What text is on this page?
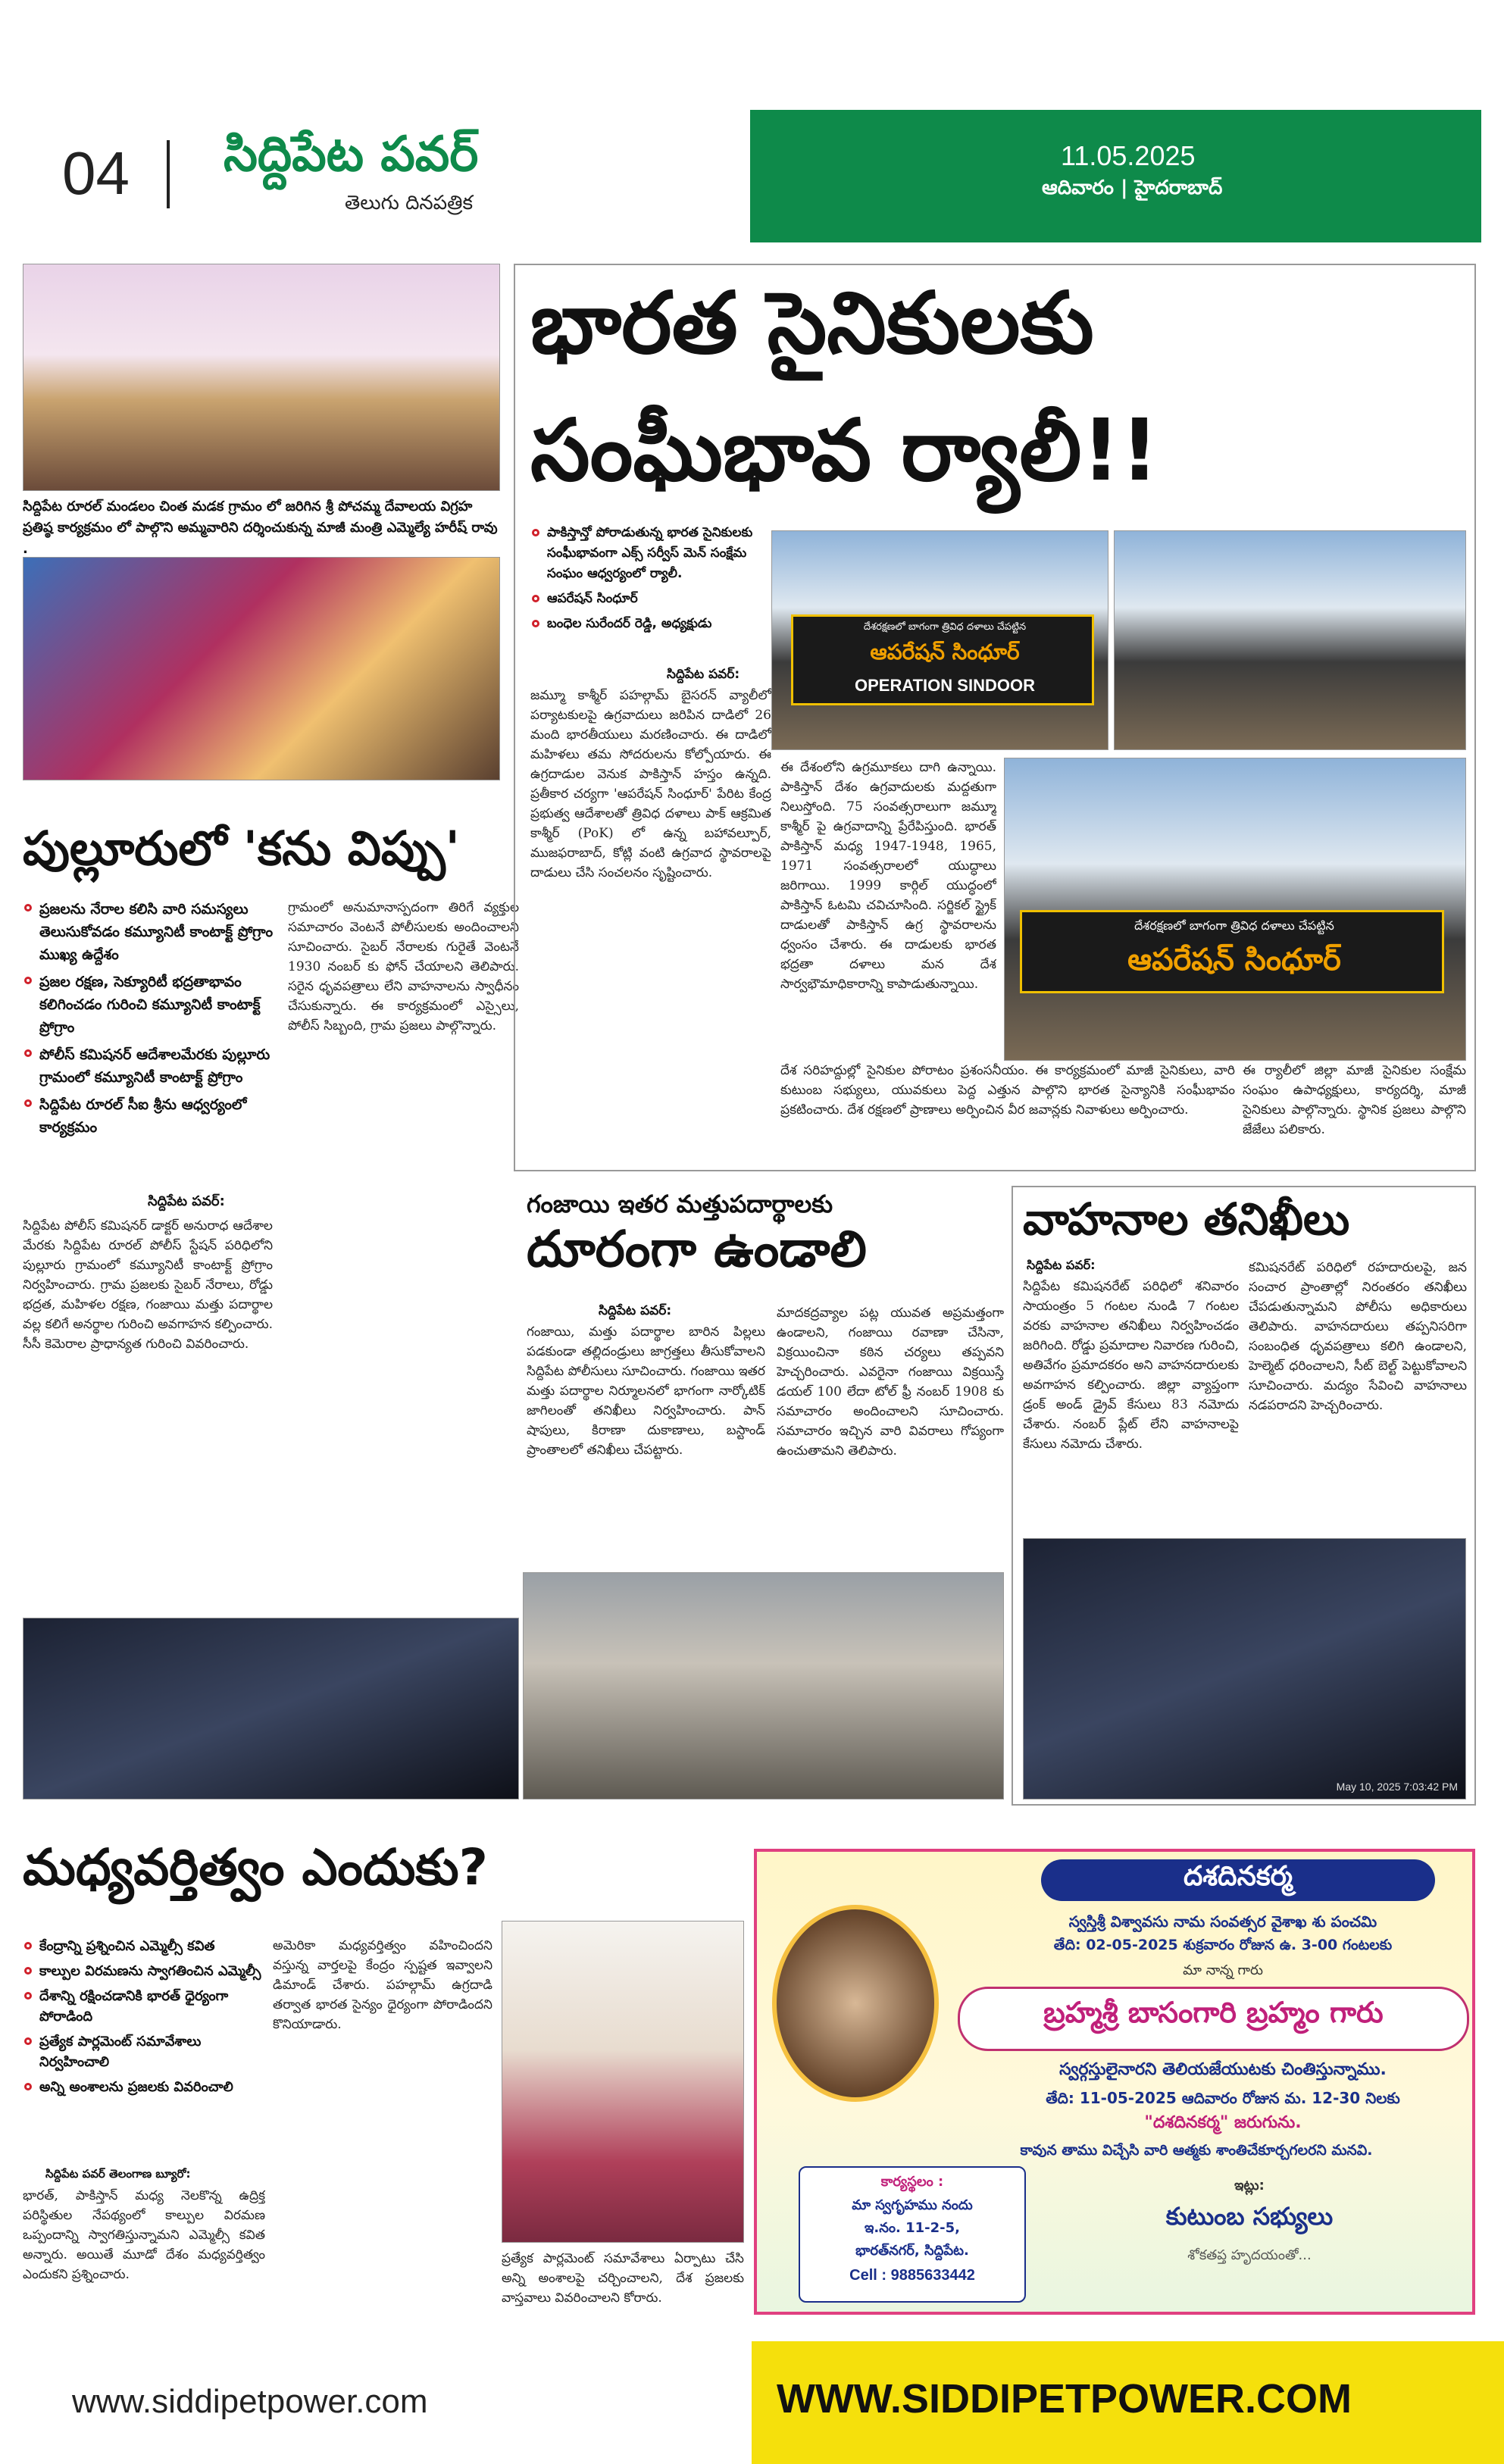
04 సిద్దిపేట పవర్
తెలుగు దినపత్రిక
11.05.2025
ఆదివారం | హైదరాబాద్
సిద్దిపేట రూరల్ మండలం చింత మడక గ్రామం లో జరిగిన శ్రీ పోచమ్మ దేవాలయ విగ్రహ ప్రతిష్ఠ కార్యక్రమం లో పాల్గొని అమ్మవారిని దర్శించుకున్న మాజీ మంత్రి ఎమ్మెల్యే హరీష్ రావు .
పుల్లూరులో 'కను విప్పు'
ప్రజలను నేరాల కలిసి వారి సమస్యలు తెలుసుకోవడం కమ్యూనిటీ కాంటాక్ట్ ప్రోగ్రాం ముఖ్య ఉద్దేశం
ప్రజల రక్షణ, సెక్యూరిటీ భద్రతాభావం కలిగించడం గురించి కమ్యూనిటీ కాంటాక్ట్ ప్రోగ్రాం
పోలీస్ కమిషనర్ ఆదేశాలమేరకు పుల్లూరు గ్రామంలో కమ్యూనిటీ కాంటాక్ట్ ప్రోగ్రాం
సిద్దిపేట రూరల్ సీఐ శ్రీను ఆధ్వర్యంలో కార్యక్రమం
సిద్దిపేట పవర్:
సిద్దిపేట పోలీస్ కమిషనర్ డాక్టర్ అనురాధ ఆదేశాల మేరకు సిద్దిపేట రూరల్ పోలీస్ స్టేషన్ పరిధిలోని పుల్లూరు గ్రామంలో కమ్యూనిటీ కాంటాక్ట్ ప్రోగ్రాం నిర్వహించారు. గ్రామ ప్రజలకు సైబర్ నేరాలు, రోడ్డు భద్రత, మహిళల రక్షణ, గంజాయి మత్తు పదార్థాల వల్ల కలిగే అనర్థాల గురించి అవగాహన కల్పించారు. సీసీ కెమెరాల ప్రాధాన్యత గురించి వివరించారు.
గ్రామంలో అనుమానాస్పదంగా తిరిగే వ్యక్తుల సమాచారం వెంటనే పోలీసులకు అందించాలని సూచించారు. సైబర్ నేరాలకు గురైతే వెంటనే 1930 నంబర్ కు ఫోన్ చేయాలని తెలిపారు. సరైన ధృవపత్రాలు లేని వాహనాలను స్వాధీనం చేసుకున్నారు. ఈ కార్యక్రమంలో ఎస్సైలు, పోలీస్ సిబ్బంది, గ్రామ ప్రజలు పాల్గొన్నారు.
భారత సైనికులకు
సంఘీభావ ర్యాలీ!!
పాకిస్తాన్తో పోరాడుతున్న భారత సైనికులకు సంఘీభావంగా ఎక్స్ సర్వీస్ మెన్ సంక్షేమ సంఘం ఆధ్వర్యంలో ర్యాలీ.
ఆపరేషన్ సింధూర్
బంధెల సురేందర్ రెడ్డి, అధ్యక్షుడు
సిద్దిపేట పవర్:
జమ్మూ కాశ్మీర్ పహల్గామ్ బైసరన్ వ్యాలీలో పర్యాటకులపై ఉగ్రవాదులు జరిపిన దాడిలో 26 మంది భారతీయులు మరణించారు. ఈ దాడిలో మహిళలు తమ సోదరులను కోల్పోయారు. ఈ ఉగ్రదాడుల వెనుక పాకిస్తాన్ హస్తం ఉన్నది. ప్రతీకార చర్యగా 'ఆపరేషన్ సింధూర్' పేరిట కేంద్ర ప్రభుత్వ ఆదేశాలతో త్రివిధ దళాలు పాక్ ఆక్రమిత కాశ్మీర్ (PoK) లో ఉన్న బహావల్పూర్, ముజఫరాబాద్, కోట్లి వంటి ఉగ్రవాద స్థావరాలపై దాడులు చేసి సంచలనం సృష్టించారు.
దేశరక్షణలో బాగంగా త్రివిధ దళాలు చేపట్టిన
ఆపరేషన్ సింధూర్
OPERATION SINDOOR
ఈ దేశంలోని ఉగ్రమూకలు దాగి ఉన్నాయి. పాకిస్తాన్ దేశం ఉగ్రవాదులకు మద్దతుగా నిలుస్తోంది. 75 సంవత్సరాలుగా జమ్మూ కాశ్మీర్ పై ఉగ్రవాదాన్ని ప్రేరేపిస్తుంది. భారత్ పాకిస్తాన్ మధ్య 1947-1948, 1965, 1971 సంవత్సరాలలో యుద్ధాలు జరిగాయి. 1999 కార్గిల్ యుద్ధంలో పాకిస్తాన్ ఓటమి చవిచూసింది. సర్జికల్ స్ట్రైక్ దాడులతో పాకిస్తాన్ ఉగ్ర స్థావరాలను ధ్వంసం చేశారు. ఈ దాడులకు భారత భద్రతా దళాలు మన దేశ సార్వభౌమాధికారాన్ని కాపాడుతున్నాయి.
దేశరక్షణలో బాగంగా త్రివిధ దళాలు చేపట్టిన
ఆపరేషన్ సింధూర్
దేశ సరిహద్దుల్లో సైనికుల పోరాటం ప్రశంసనీయం. ఈ కార్యక్రమంలో మాజీ సైనికులు, వారి కుటుంబ సభ్యులు, యువకులు పెద్ద ఎత్తున పాల్గొని భారత సైన్యానికి సంఘీభావం ప్రకటించారు. దేశ రక్షణలో ప్రాణాలు అర్పించిన వీర జవాన్లకు నివాళులు అర్పించారు.
ఈ ర్యాలీలో జిల్లా మాజీ సైనికుల సంక్షేమ సంఘం ఉపాధ్యక్షులు, కార్యదర్శి, మాజీ సైనికులు పాల్గొన్నారు. స్థానిక ప్రజలు పాల్గొని జేజేలు పలికారు.
గంజాయి ఇతర మత్తుపదార్థాలకు
దూరంగా ఉండాలి
సిద్దిపేట పవర్:
గంజాయి, మత్తు పదార్థాల బారిన పిల్లలు పడకుండా తల్లిదండ్రులు జాగ్రత్తలు తీసుకోవాలని సిద్దిపేట పోలీసులు సూచించారు. గంజాయి ఇతర మత్తు పదార్థాల నిర్మూలనలో భాగంగా నార్కోటిక్ జాగిలంతో తనిఖీలు నిర్వహించారు. పాన్ షాపులు, కిరాణా దుకాణాలు, బస్టాండ్ ప్రాంతాలలో తనిఖీలు చేపట్టారు.
మాదకద్రవ్యాల పట్ల యువత అప్రమత్తంగా ఉండాలని, గంజాయి రవాణా చేసినా, విక్రయించినా కఠిన చర్యలు తప్పవని హెచ్చరించారు. ఎవరైనా గంజాయి విక్రయిస్తే డయల్ 100 లేదా టోల్ ఫ్రీ నంబర్ 1908 కు సమాచారం అందించాలని సూచించారు. సమాచారం ఇచ్చిన వారి వివరాలు గోప్యంగా ఉంచుతామని తెలిపారు.
వాహనాల తనిఖీలు
సిద్దిపేట పవర్:
సిద్దిపేట కమిషనరేట్ పరిధిలో శనివారం సాయంత్రం 5 గంటల నుండి 7 గంటల వరకు వాహనాల తనిఖీలు నిర్వహించడం జరిగింది. రోడ్డు ప్రమాదాల నివారణ గురించి, అతివేగం ప్రమాదకరం అని వాహనదారులకు అవగాహన కల్పించారు. జిల్లా వ్యాప్తంగా డ్రంక్ అండ్ డ్రైవ్ కేసులు 83 నమోదు చేశారు. నంబర్ ప్లేట్ లేని వాహనాలపై కేసులు నమోదు చేశారు.
కమిషనరేట్ పరిధిలో రహదారులపై, జన సంచార ప్రాంతాల్లో నిరంతరం తనిఖీలు చేపడుతున్నామని పోలీసు అధికారులు తెలిపారు. వాహనదారులు తప్పనిసరిగా సంబంధిత ధృవపత్రాలు కలిగి ఉండాలని, హెల్మెట్ ధరించాలని, సీట్ బెల్ట్ పెట్టుకోవాలని సూచించారు. మద్యం సేవించి వాహనాలు నడపరాదని హెచ్చరించారు.
May 10, 2025 7:03:42 PM
మధ్యవర్తిత్వం ఎందుకు?
కేంద్రాన్ని ప్రశ్నించిన ఎమ్మెల్సీ కవిత
కాల్పుల విరమణను స్వాగతించిన ఎమ్మెల్సీ
దేశాన్ని రక్షించడానికి భారత్ ధైర్యంగా పోరాడింది
ప్రత్యేక పార్లమెంట్ సమావేశాలు నిర్వహించాలి
అన్ని అంశాలను ప్రజలకు వివరించాలి
సిద్దిపేట పవర్ తెలంగాణ బ్యూరో:
భారత్, పాకిస్తాన్ మధ్య నెలకొన్న ఉద్రిక్త పరిస్థితుల నేపథ్యంలో కాల్పుల విరమణ ఒప్పందాన్ని స్వాగతిస్తున్నామని ఎమ్మెల్సీ కవిత అన్నారు. అయితే మూడో దేశం మధ్యవర్తిత్వం ఎందుకని ప్రశ్నించారు.
అమెరికా మధ్యవర్తిత్వం వహించిందని వస్తున్న వార్తలపై కేంద్రం స్పష్టత ఇవ్వాలని డిమాండ్ చేశారు. పహల్గామ్ ఉగ్రదాడి తర్వాత భారత సైన్యం ధైర్యంగా పోరాడిందని కొనియాడారు.
ప్రత్యేక పార్లమెంట్ సమావేశాలు ఏర్పాటు చేసి అన్ని అంశాలపై చర్చించాలని, దేశ ప్రజలకు వాస్తవాలు వివరించాలని కోరారు.
దశదినకర్మ
స్వస్తిశ్రీ విశ్వావసు నామ సంవత్సర వైశాఖ శు పంచమి
తేది: 02-05-2025 శుక్రవారం రోజున ఉ. 3-00 గంటలకు
మా నాన్న గారు
బ్రహ్మశ్రీ బాసంగారి బ్రహ్మం గారు
స్వర్గస్తులైనారని తెలియజేయుటకు చింతిస్తున్నాము.
తేది: 11-05-2025 ఆదివారం రోజున మ. 12-30 నిలకు
"దశదినకర్మ" జరుగును.
కావున తాము విచ్చేసి వారి ఆత్మకు శాంతిచేకూర్చగలరని మనవి.
కార్యస్థలం :
మా స్వగృహము నందు
ఇ.నం. 11-2-5,
భారత్‌నగర్, సిద్దిపేట.
Cell : 9885633442
ఇట్లు:
కుటుంబ సభ్యులు
శోకతప్త హృదయంతో...
www.siddipetpower.com	WWW.SIDDIPETPOWER.COM
